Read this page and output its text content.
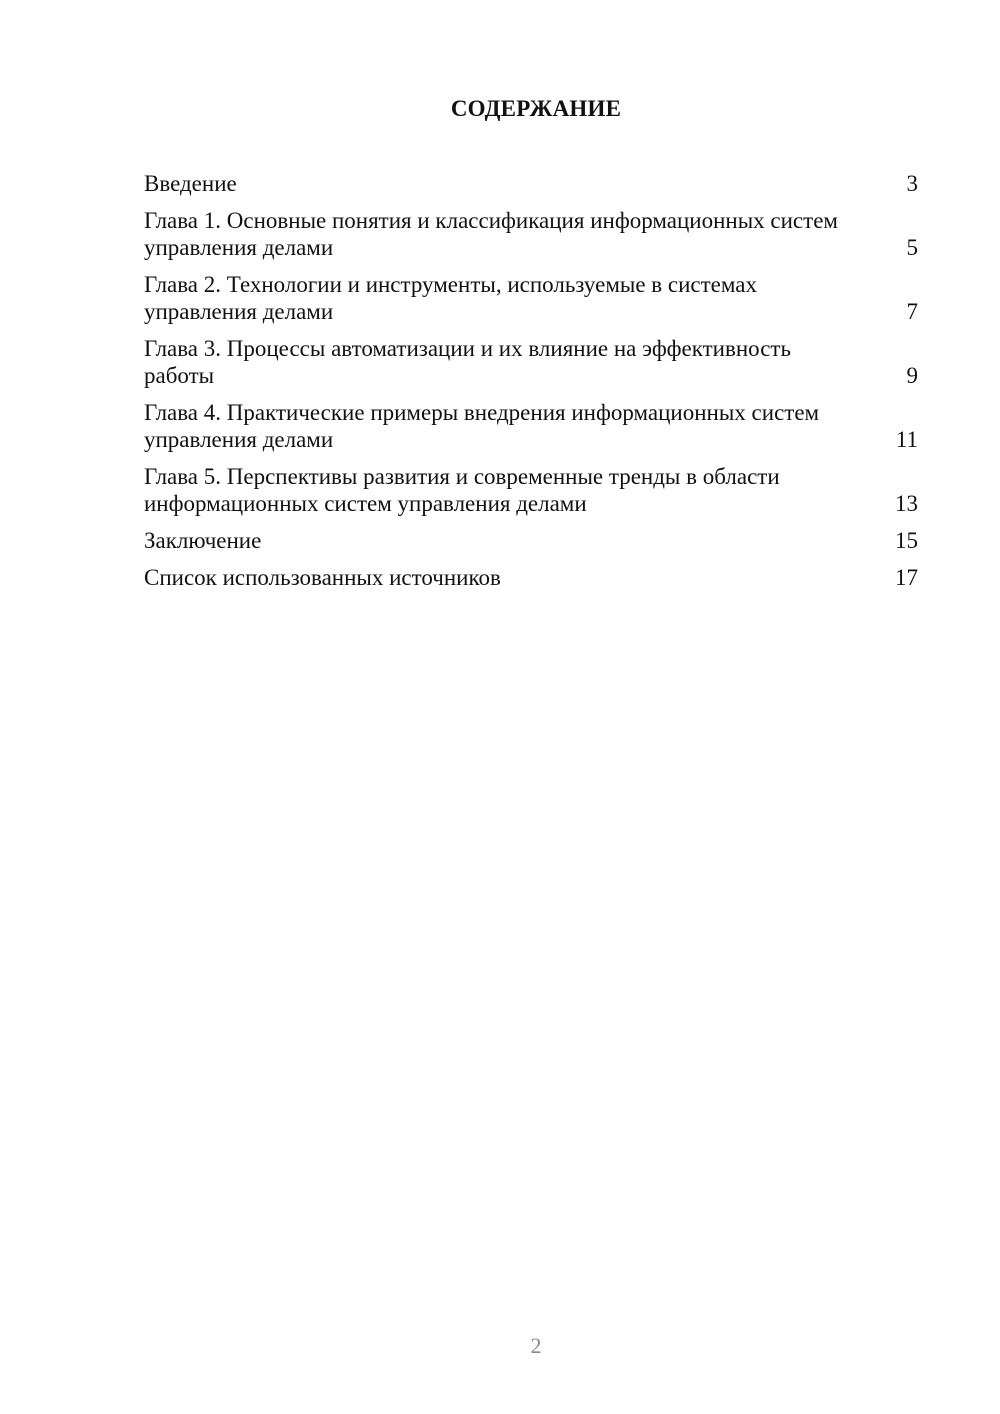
СОДЕРЖАНИЕ
Введение	3
Глава 1. Основные понятия и классификация информационных систем управления делами	5
Глава 2. Технологии и инструменты, используемые в системах управления делами	7
Глава 3. Процессы автоматизации и их влияние на эффективность работы	9
Глава 4. Практические примеры внедрения информационных систем управления делами	11
Глава 5. Перспективы развития и современные тренды в области информационных систем управления делами	13
Заключение	15
Список использованных источников	17
2
